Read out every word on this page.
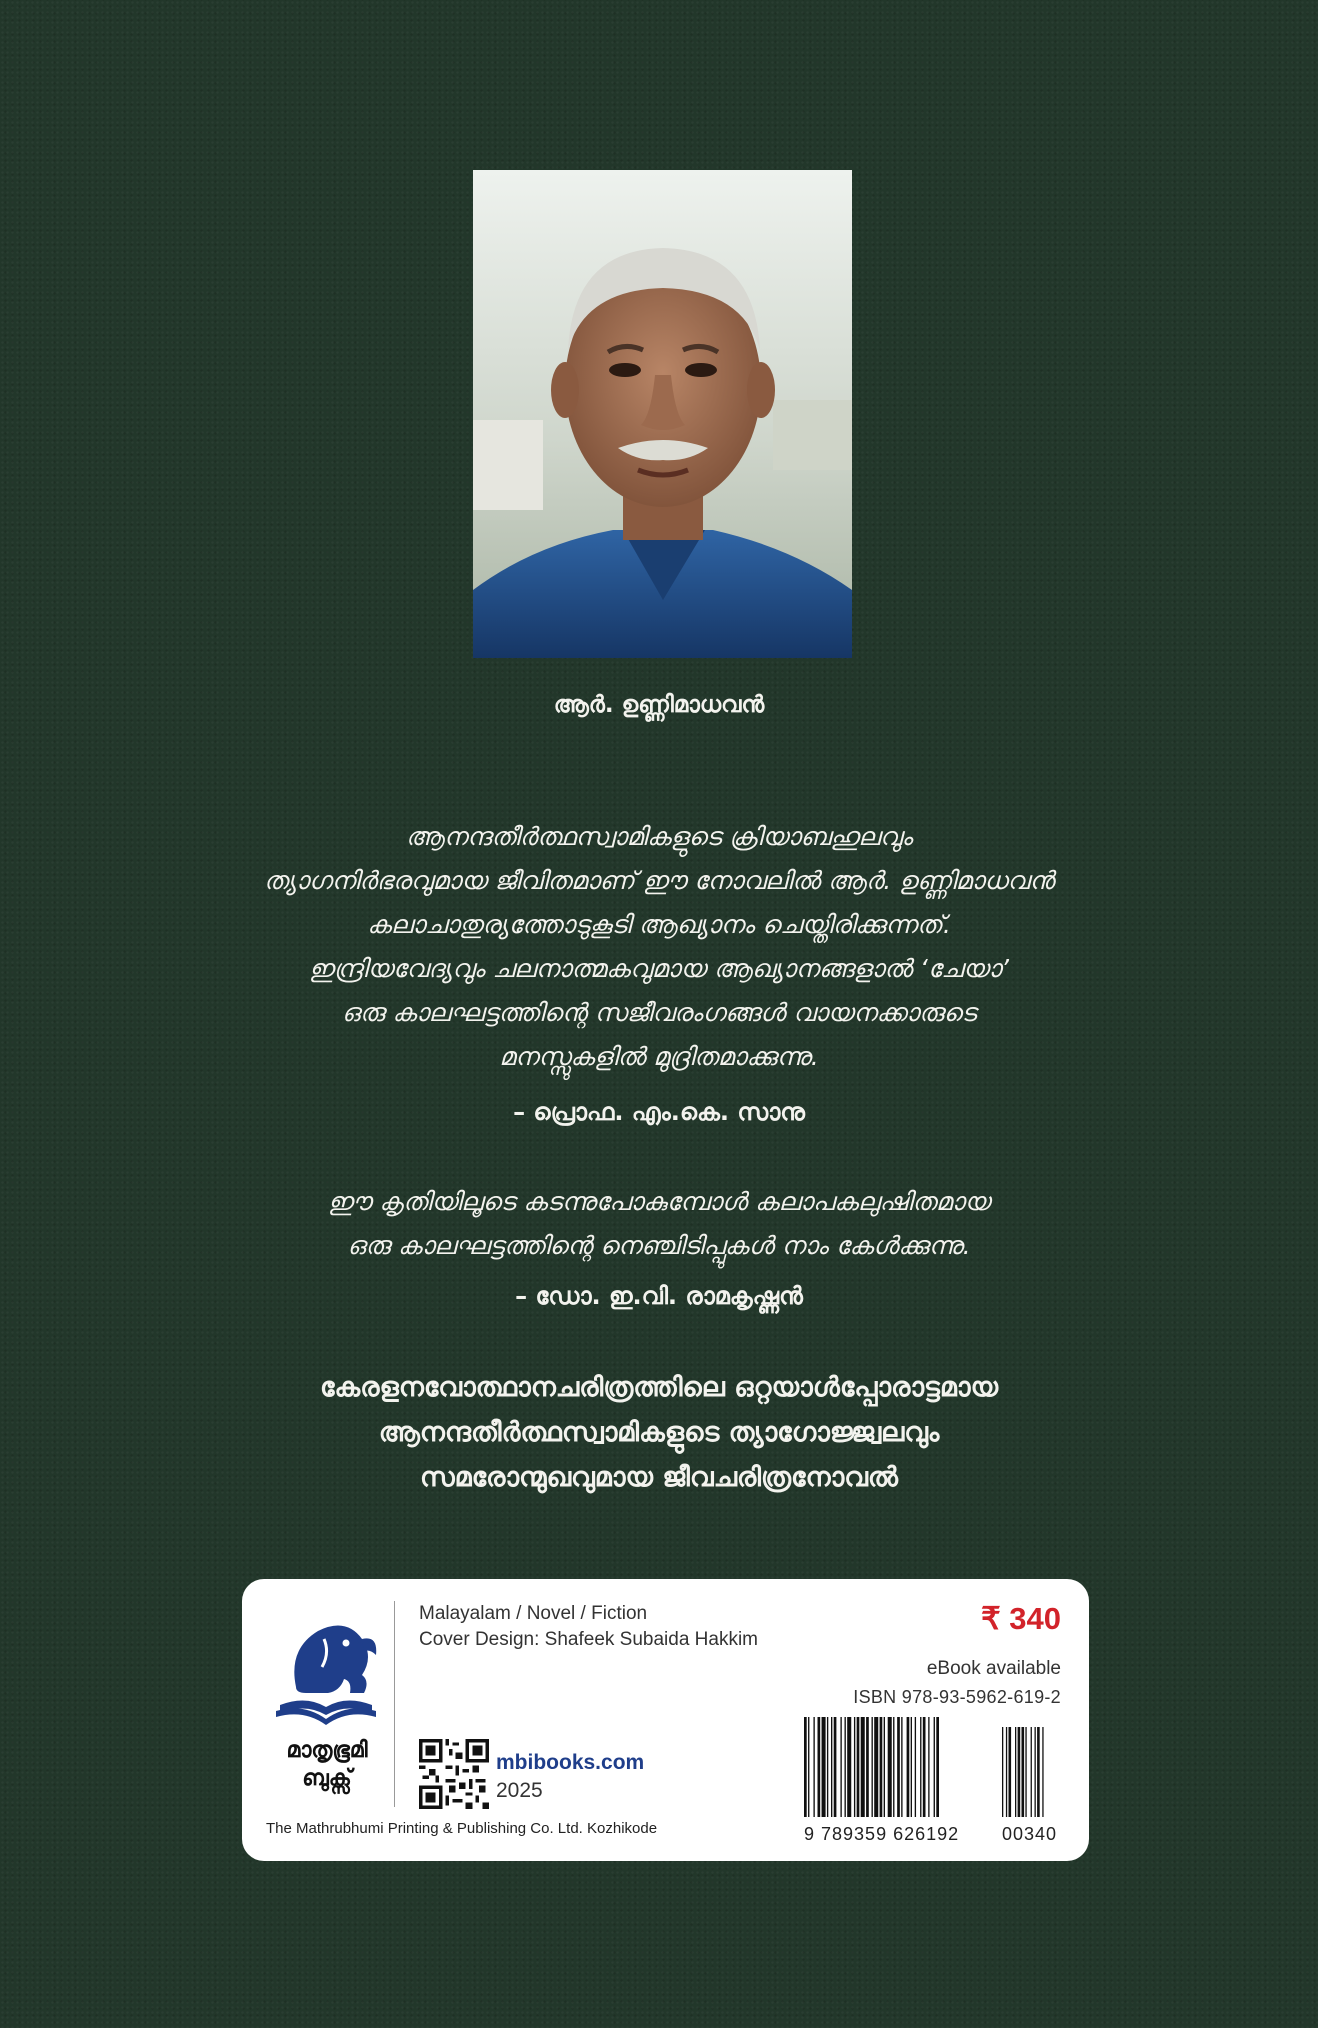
ആർ. ഉണ്ണിമാധവൻ
ആനന്ദതീർത്ഥസ്വാമികളുടെ ക്രിയാബഹുലവും
ത്യാഗനിർഭരവുമായ ജീവിതമാണ് ഈ നോവലിൽ ആർ. ഉണ്ണിമാധവൻ
കലാചാതുര്യത്തോടുകൂടി ആഖ്യാനം ചെയ്തിരിക്കുന്നത്.
ഇന്ദ്രിയവേദ്യവും ചലനാത്മകവുമായ ആഖ്യാനങ്ങളാൽ ‘ചേയാ’
ഒരു കാലഘട്ടത്തിന്റെ സജീവരംഗങ്ങൾ വായനക്കാരുടെ
മനസ്സുകളിൽ മുദ്രിതമാക്കുന്നു.
– പ്രൊഫ. എം.കെ. സാനു
ഈ കൃതിയിലൂടെ കടന്നുപോകുമ്പോൾ കലാപകലുഷിതമായ
ഒരു കാലഘട്ടത്തിന്റെ നെഞ്ചിടിപ്പുകൾ നാം കേൾക്കുന്നു.
– ഡോ. ഇ.വി. രാമകൃഷ്ണൻ
കേരളനവോത്ഥാനചരിത്രത്തിലെ ഒറ്റയാൾപ്പോരാട്ടമായ
ആനന്ദതീർത്ഥസ്വാമികളുടെ ത്യാഗോജ്ജ്വലവും
സമരോന്മുഖവുമായ ജീവചരിത്രനോവൽ
മാതൃഭൂമി
ബുക്സ്
The Mathrubhumi Printing & Publishing Co. Ltd. Kozhikode
Malayalam / Novel / Fiction
Cover Design: Shafeek Subaida Hakkim
₹ 340
eBook available
ISBN 978-93-5962-619-2
mbibooks.com
2025
9 789359 626192 00340
